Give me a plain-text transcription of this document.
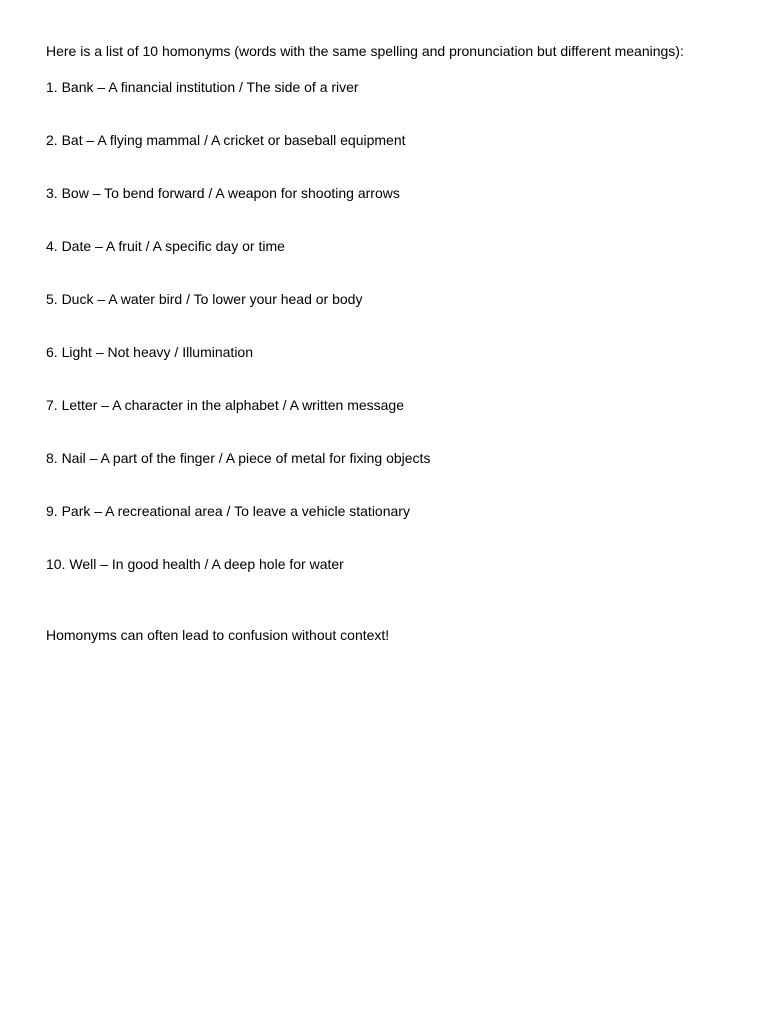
Here is a list of 10 homonyms (words with the same spelling and pronunciation but different meanings):
1. Bank – A financial institution / The side of a river
2. Bat – A flying mammal / A cricket or baseball equipment
3. Bow – To bend forward / A weapon for shooting arrows
4. Date – A fruit / A specific day or time
5. Duck – A water bird / To lower your head or body
6. Light – Not heavy / Illumination
7. Letter – A character in the alphabet / A written message
8. Nail – A part of the finger / A piece of metal for fixing objects
9. Park – A recreational area / To leave a vehicle stationary
10. Well – In good health / A deep hole for water
Homonyms can often lead to confusion without context!
